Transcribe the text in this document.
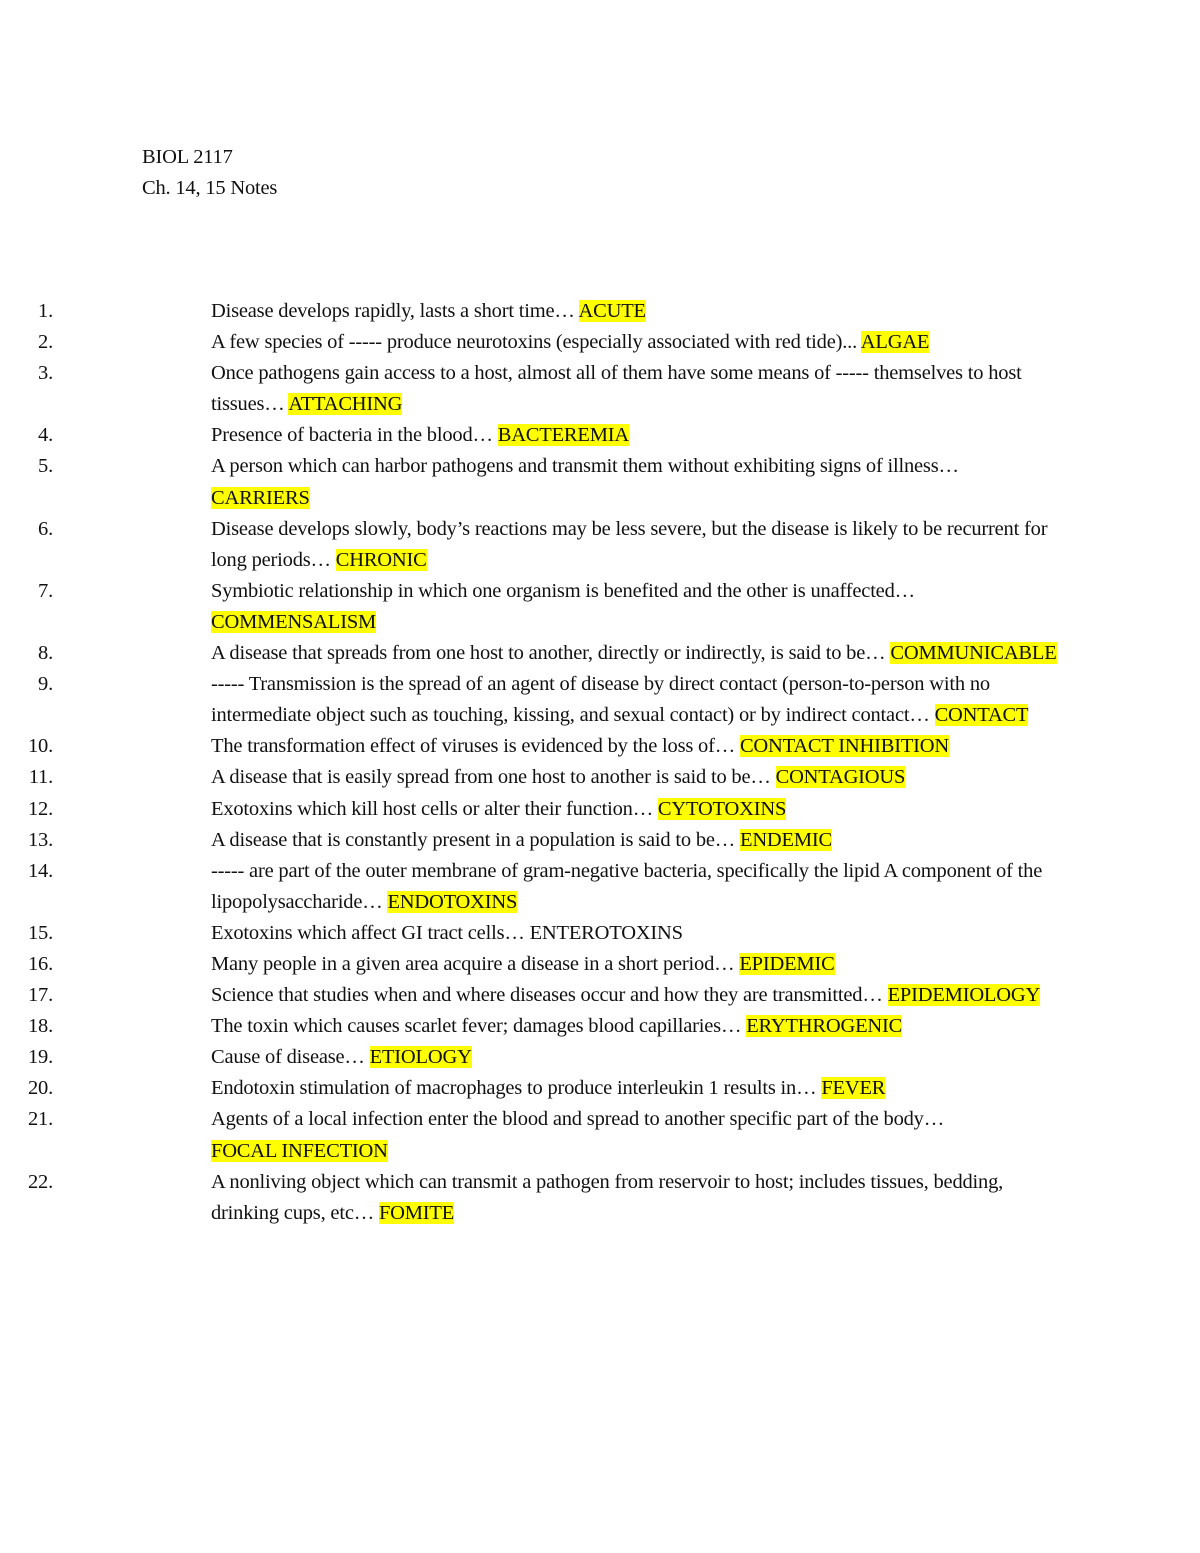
BIOL 2117
Ch. 14, 15 Notes
1.	Disease develops rapidly, lasts a short time… ACUTE
2.	A few species of ----- produce neurotoxins (especially associated with red tide)... ALGAE
3.	Once pathogens gain access to a host, almost all of them have some means of ----- themselves to host tissues… ATTACHING
4.	Presence of bacteria in the blood… BACTEREMIA
5.	A person which can harbor pathogens and transmit them without exhibiting signs of illness… CARRIERS
6.	Disease develops slowly, body’s reactions may be less severe, but the disease is likely to be recurrent for long periods… CHRONIC
7.	Symbiotic relationship in which one organism is benefited and the other is unaffected… COMMENSALISM
8.	A disease that spreads from one host to another, directly or indirectly, is said to be… COMMUNICABLE
9.	----- Transmission is the spread of an agent of disease by direct contact (person-to-person with no intermediate object such as touching, kissing, and sexual contact) or by indirect contact… CONTACT
10.	The transformation effect of viruses is evidenced by the loss of… CONTACT INHIBITION
11.	A disease that is easily spread from one host to another is said to be… CONTAGIOUS
12.	Exotoxins which kill host cells or alter their function… CYTOTOXINS
13.	A disease that is constantly present in a population is said to be… ENDEMIC
14.	----- are part of the outer membrane of gram-negative bacteria, specifically the lipid A component of the lipopolysaccharide… ENDOTOXINS
15.	Exotoxins which affect GI tract cells… ENTEROTOXINS
16.	Many people in a given area acquire a disease in a short period… EPIDEMIC
17.	Science that studies when and where diseases occur and how they are transmitted… EPIDEMIOLOGY
18.	The toxin which causes scarlet fever; damages blood capillaries… ERYTHROGENIC
19.	Cause of disease… ETIOLOGY
20.	Endotoxin stimulation of macrophages to produce interleukin 1 results in… FEVER
21.	Agents of a local infection enter the blood and spread to another specific part of the body… FOCAL INFECTION
22.	A nonliving object which can transmit a pathogen from reservoir to host; includes tissues, bedding, drinking cups, etc… FOMITE
